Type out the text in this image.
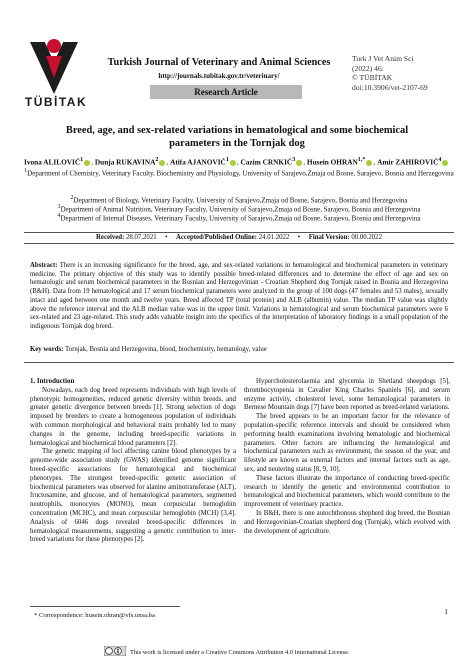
TÜBİTAK
Turkish Journal of Veterinary and Animal Sciences
http://journals.tubitak.gov.tr/veterinary/
Research Article
Turk J Vet Anim Sci
(2022) 46:
© TÜBİTAK
doi:10.3906/vet-2107-69
Breed, age, and sex-related variations in hematological and some biochemical
parameters in the Tornjak dog
Ivona ALILOVIĆ$^1$ , Dunja RUKAVINA$^2$ , Atifa AJANOVIĆ$^1$ , Cazim CRNKIĆ$^3$ , Husein $OHRAN^{1,*}$ , Amir ZAHIROVIĆ$^4$
$^1$Department of Chemistry, Veterinary Faculty, Biochemistry and Physiology, University of Sarajevo,Zmaja od Bosne, Sarajevo, Bosnia and Herzegovina
$^2$Department of Biology, Veterinary Faculty, University of Sarajevo,Zmaja od Bosne, Sarajevo, Bosnia and Herzegovina
$^3$Department of Animal Nutrition, Veterinary Faculty, University of Sarajevo,Zmaja od Bosne, Sarajevo, Bosnia and Herzegovina
$^4$Department of Internal Diseases, Veterinary Faculty, University of Sarajevo,Zmaja od Bosne, Sarajevo, Bosnia and Herzegovina
Received: 28.07.2021     •     Accepted/Published Online: 24.01.2022     •     Final Version: 00.00.2022
Abstract: There is an increasing significance for the breed, age, and sex-related variations in hematological and biochemical parameters in veterinary medicine. The primary objective of this study was to identify possible breed-related differences and to determine the effect of age and sex on hematologic and serum biochemical parameters in the Bosnian and Herzegovinian - Croatian Shepherd dog Tornjak raised in Bosnia and Herzegovina (B&H). Data from 19 hematological and 17 serum biochemical parameters were analyzed in the group of 100 dogs (47 females and 53 males), sexually intact and aged between one month and twelve years. Breed affected TP (total protein) and ALB (albumin) value. The median TP value was slightly above the reference interval and the ALB median value was in the upper limit. Variations in hematological and serum biochemical parameters were 6 sex-related and 23 age-related. This study adds valuable insight into the specifics of the interpretation of laboratory findings in a small population of the indigenous Tornjak dog breed.
Key words: Tornjak, Bosnia and Herzegovina, blood, biochemistry, hematology, value

1. Introduction

Nowadays, each dog breed represents individuals with high levels of phenotypic homogeneities, reduced genetic diversity within breeds, and greater genetic divergence between breeds [1]. Strong selection of dogs imposed by breeders to create a homogeneous population of individuals with common morphological and behavioral traits probably led to many changes in the genome, including breed-specific variations in hematological and biochemical blood parameters [2].

The genetic mapping of loci affecting canine blood phenotypes by a genome-wide association study (GWAS) identified genome significant breed-specific associations for hematological and biochemical phenotypes. The strongest breed-specific genetic association of biochemical parameters was observed for alanine aminotransferase (ALT), fructosamine, and glucose, and of hematological parameters, segmented neutrophils, monocytes (MONO), mean corpuscular hemoglobin concentration (MCHC), and mean corpuscular hemoglobin (MCH) [3,4]. Analysis of 6046 dogs revealed breed-specific differences in hematological measurements, suggesting a genetic contribution to inter-breed variations for these phenotypes [2].

Hypercholesterolaemia and glycemia in Shetland sheepdogs [5], thrombocytopenia in Cavalier King Charles Spaniels [6], and serum enzyme activity, cholesterol level, some hematological parameters in Bernese Mountain dogs [7] have been reported as breed-related variations.

The breed appears to be an important factor for the relevance of population-specific reference intervals and should be considered when performing health examinations involving hematologic and biochemical parameters. Other factors are influencing the hematological and biochemical parameters such as environment, the season of the year, and lifestyle are known as external factors and internal factors such as age, sex, and neutering status [8, 9, 10].

These factors illustrate the importance of conducting breed-specific research to identify the genetic and environmental contribution to hematological and biochemical parameters, which would contribute to the improvement of veterinary practice.

In B&H, there is one autochthonous shepherd dog breed, the Bosnian and Herzegovinian-Croatian shepherd dog (Tornjak), which evolved with the development of agriculture.

* Correspondence: husein.ohran@vfs.unsa.ba	1
This work is licensed under a Creative Commons Attribution 4.0 International License.
